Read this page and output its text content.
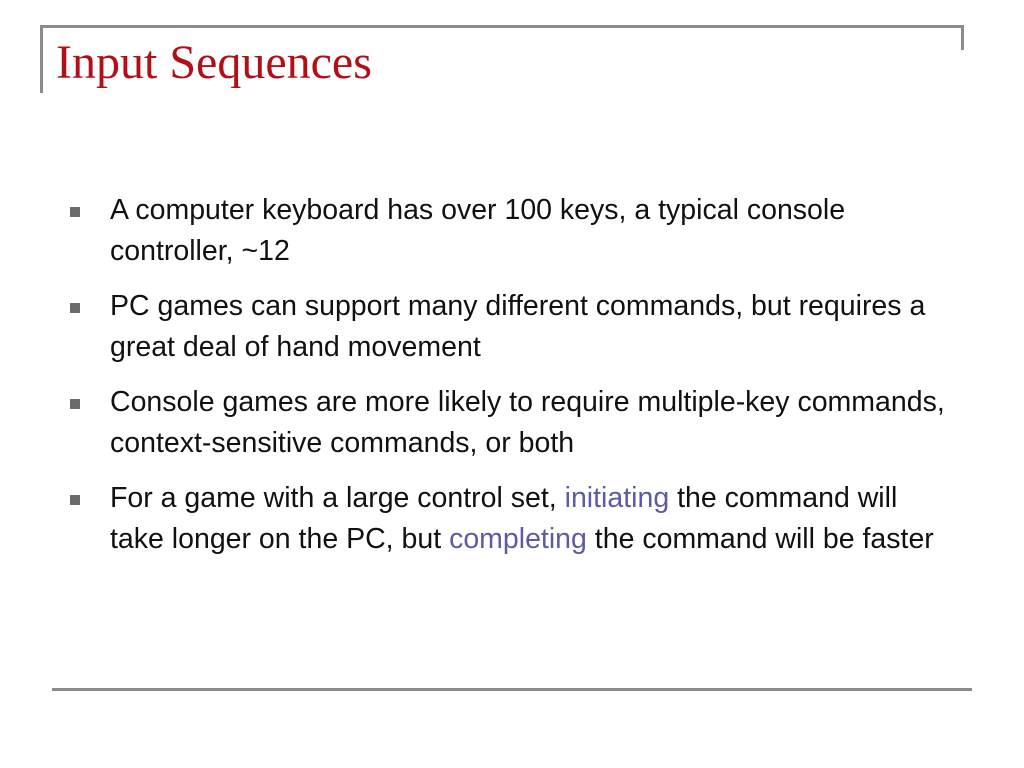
Input Sequences
A computer keyboard has over 100 keys, a typical console controller, ~12
PC games can support many different commands, but requires a great deal of hand movement
Console games are more likely to require multiple-key commands, context-sensitive commands, or both
For a game with a large control set, initiating the command will take longer on the PC, but completing the command will be faster
